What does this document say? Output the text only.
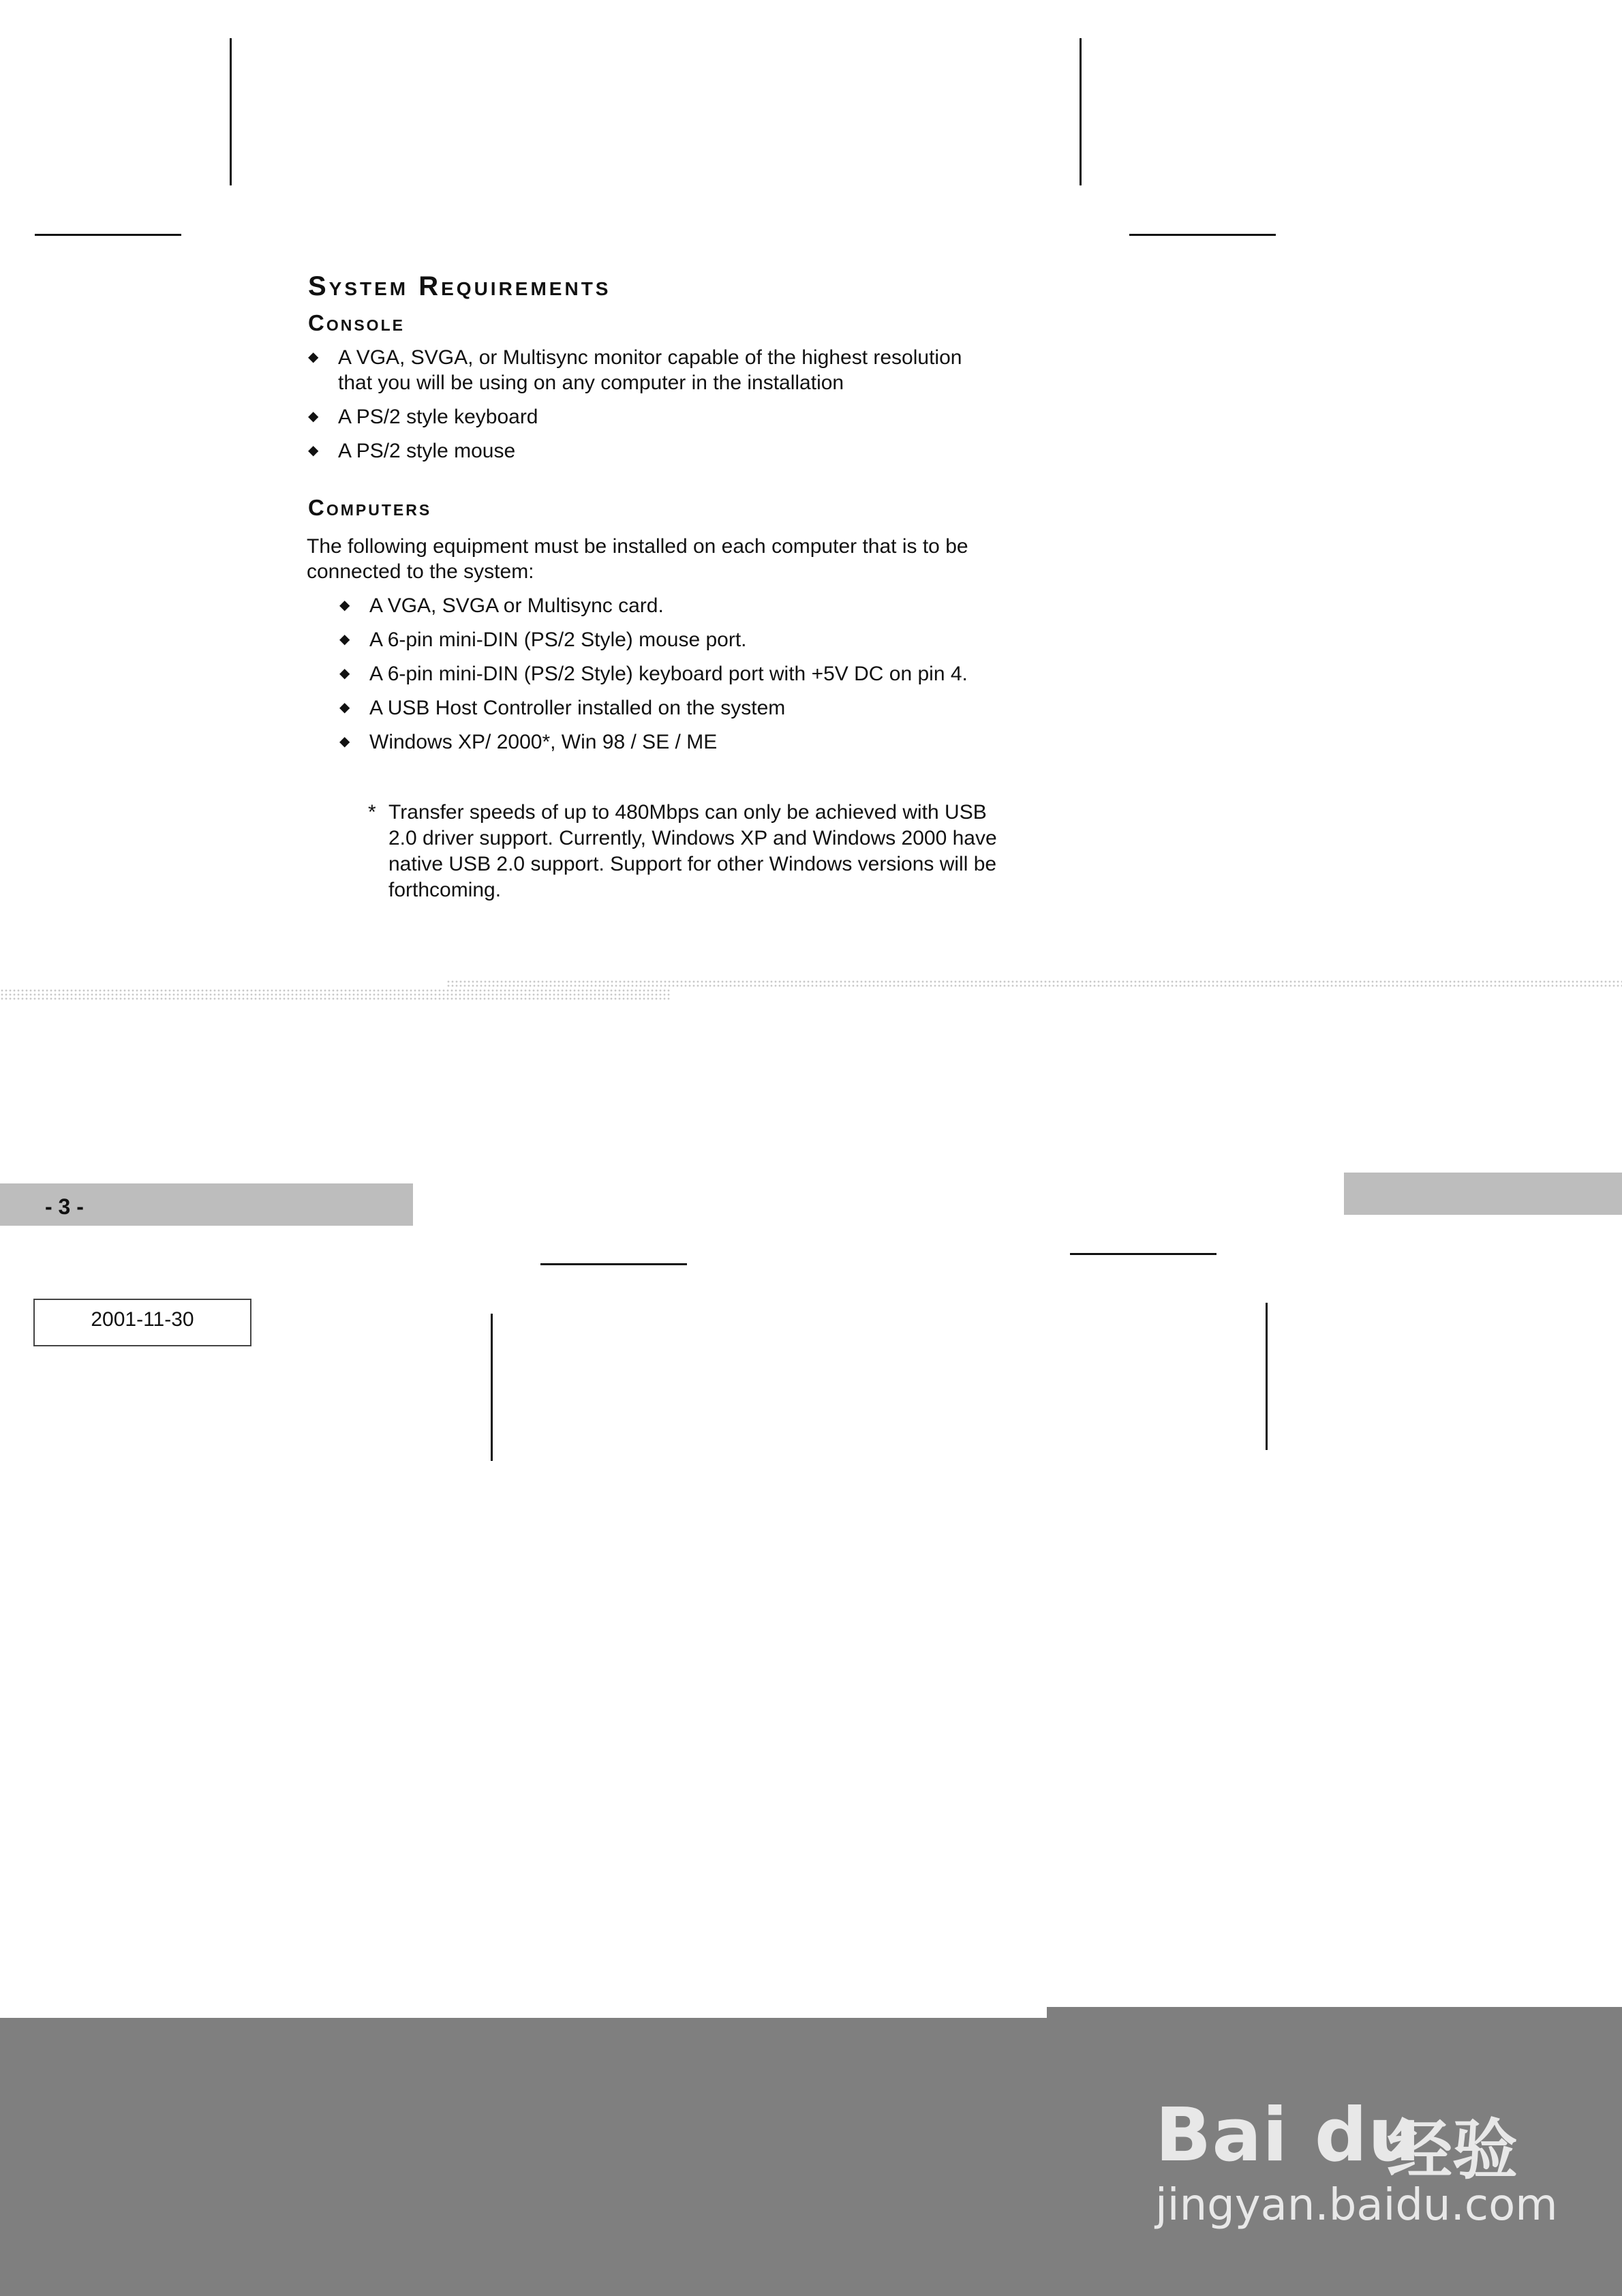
System Requirements
Console
◆ A VGA, SVGA, or Multisync monitor capable of the highest resolution that you will be using on any computer in the installation
◆ A PS/2 style keyboard
◆ A PS/2 style mouse
Computers
The following equipment must be installed on each computer that is to be connected to the system:
◆ A VGA, SVGA or Multisync card.
◆ A 6-pin mini-DIN (PS/2 Style) mouse port.
◆ A 6-pin mini-DIN (PS/2 Style) keyboard port with +5V DC on pin 4.
◆ A USB Host Controller installed on the system
◆ Windows XP/ 2000*, Win 98 / SE / ME
* Transfer speeds of up to 480Mbps can only be achieved with USB 2.0 driver support. Currently, Windows XP and Windows 2000 have native USB 2.0 support. Support for other Windows versions will be forthcoming.
- 3 -
2001-11-30
Bai du
经验
jingyan.baidu.com
